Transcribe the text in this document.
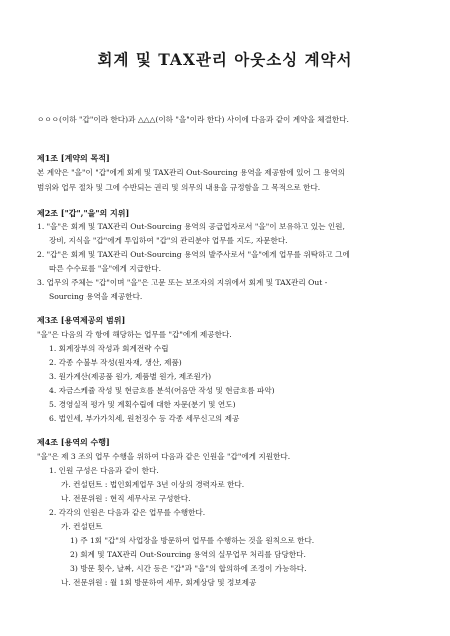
회계 및 TAX관리 아웃소싱 계약서
ㅇㅇㅇ(이하 "갑"이라 한다)과 △△△(이하 "을"이라 한다) 사이에 다음과 같이 계약을 체결한다.
제1조 [계약의 목적]
본 계약은 "을"이 "갑"에게 회계 및 TAX관리 Out-Sourcing 용역을 제공함에 있어 그 용역의
범위와 업무 절차 및 그에 수반되는 권리 및 의무의 내용을 규정함을 그 목적으로 한다.
제2조 ["갑","을"의 지위]
1. "을"은 회계 및 TAX관리 Out-Sourcing 용역의 공급업자로서 "을"이 보유하고 있는 인원,
장비, 지식을 "갑"에게 투입하여 "갑"의 관리분야 업무를 지도, 자문한다.
2. "갑"은 회계 및 TAX관리 Out-Sourcing 용역의 발주사로서 "을"에게 업무를 위탁하고 그에
따른 수수료를 "을"에게 지급한다.
3. 업무의 주체는 "갑"이며 "을"은 고문 또는 보조자의 지위에서 회계 및 TAX관리 Out -
Sourcing 용역을 제공한다.
제3조 [용역제공의 범위]
"을"은 다음의 각 항에 해당하는 업무를 "갑"에게 제공한다.
1. 회계장부의 작성과 회계전략 수립
2. 각종 수불부 작성(원자재, 생산, 제품)
3. 원가계산(제공품 원가, 제품별 원가, 제조원가)
4. 자금스케쥴 작성 및 현금흐름 분석(어음만 작성 및 현금흐름 파악)
5. 경영실적 평가 및 계획수립에 대한 자문(분기 및 연도)
6. 법인세, 부가가치세, 원천징수 등 각종 세무신고의 제공
제4조 [용역의 수행]
"을"은 제 3 조의 업무 수행을 위하여 다음과 같은 인원을 "갑"에게 지원한다.
1. 인원 구성은 다음과 같이 한다.
가. 컨설턴트 : 법인회계업무 3년 이상의 경력자로 한다.
나. 전문위원 : 현직 세무사로 구성한다.
2. 각각의 인원은 다음과 같은 업무를 수행한다.
가. 컨설턴트
1) 주 1회 "갑"의 사업장을 방문하여 업무를 수행하는 것을 원칙으로 한다.
2) 회계 및 TAX관리 Out-Sourcing 용역의 실무업무 처리를 담당한다.
3) 방문 횟수, 날짜, 시간 등은 "갑"과 "을"의 합의하에 조정이 가능하다.
나. 전문위원 : 월 1회 방문하여 세무, 회계상담 및 정보제공
